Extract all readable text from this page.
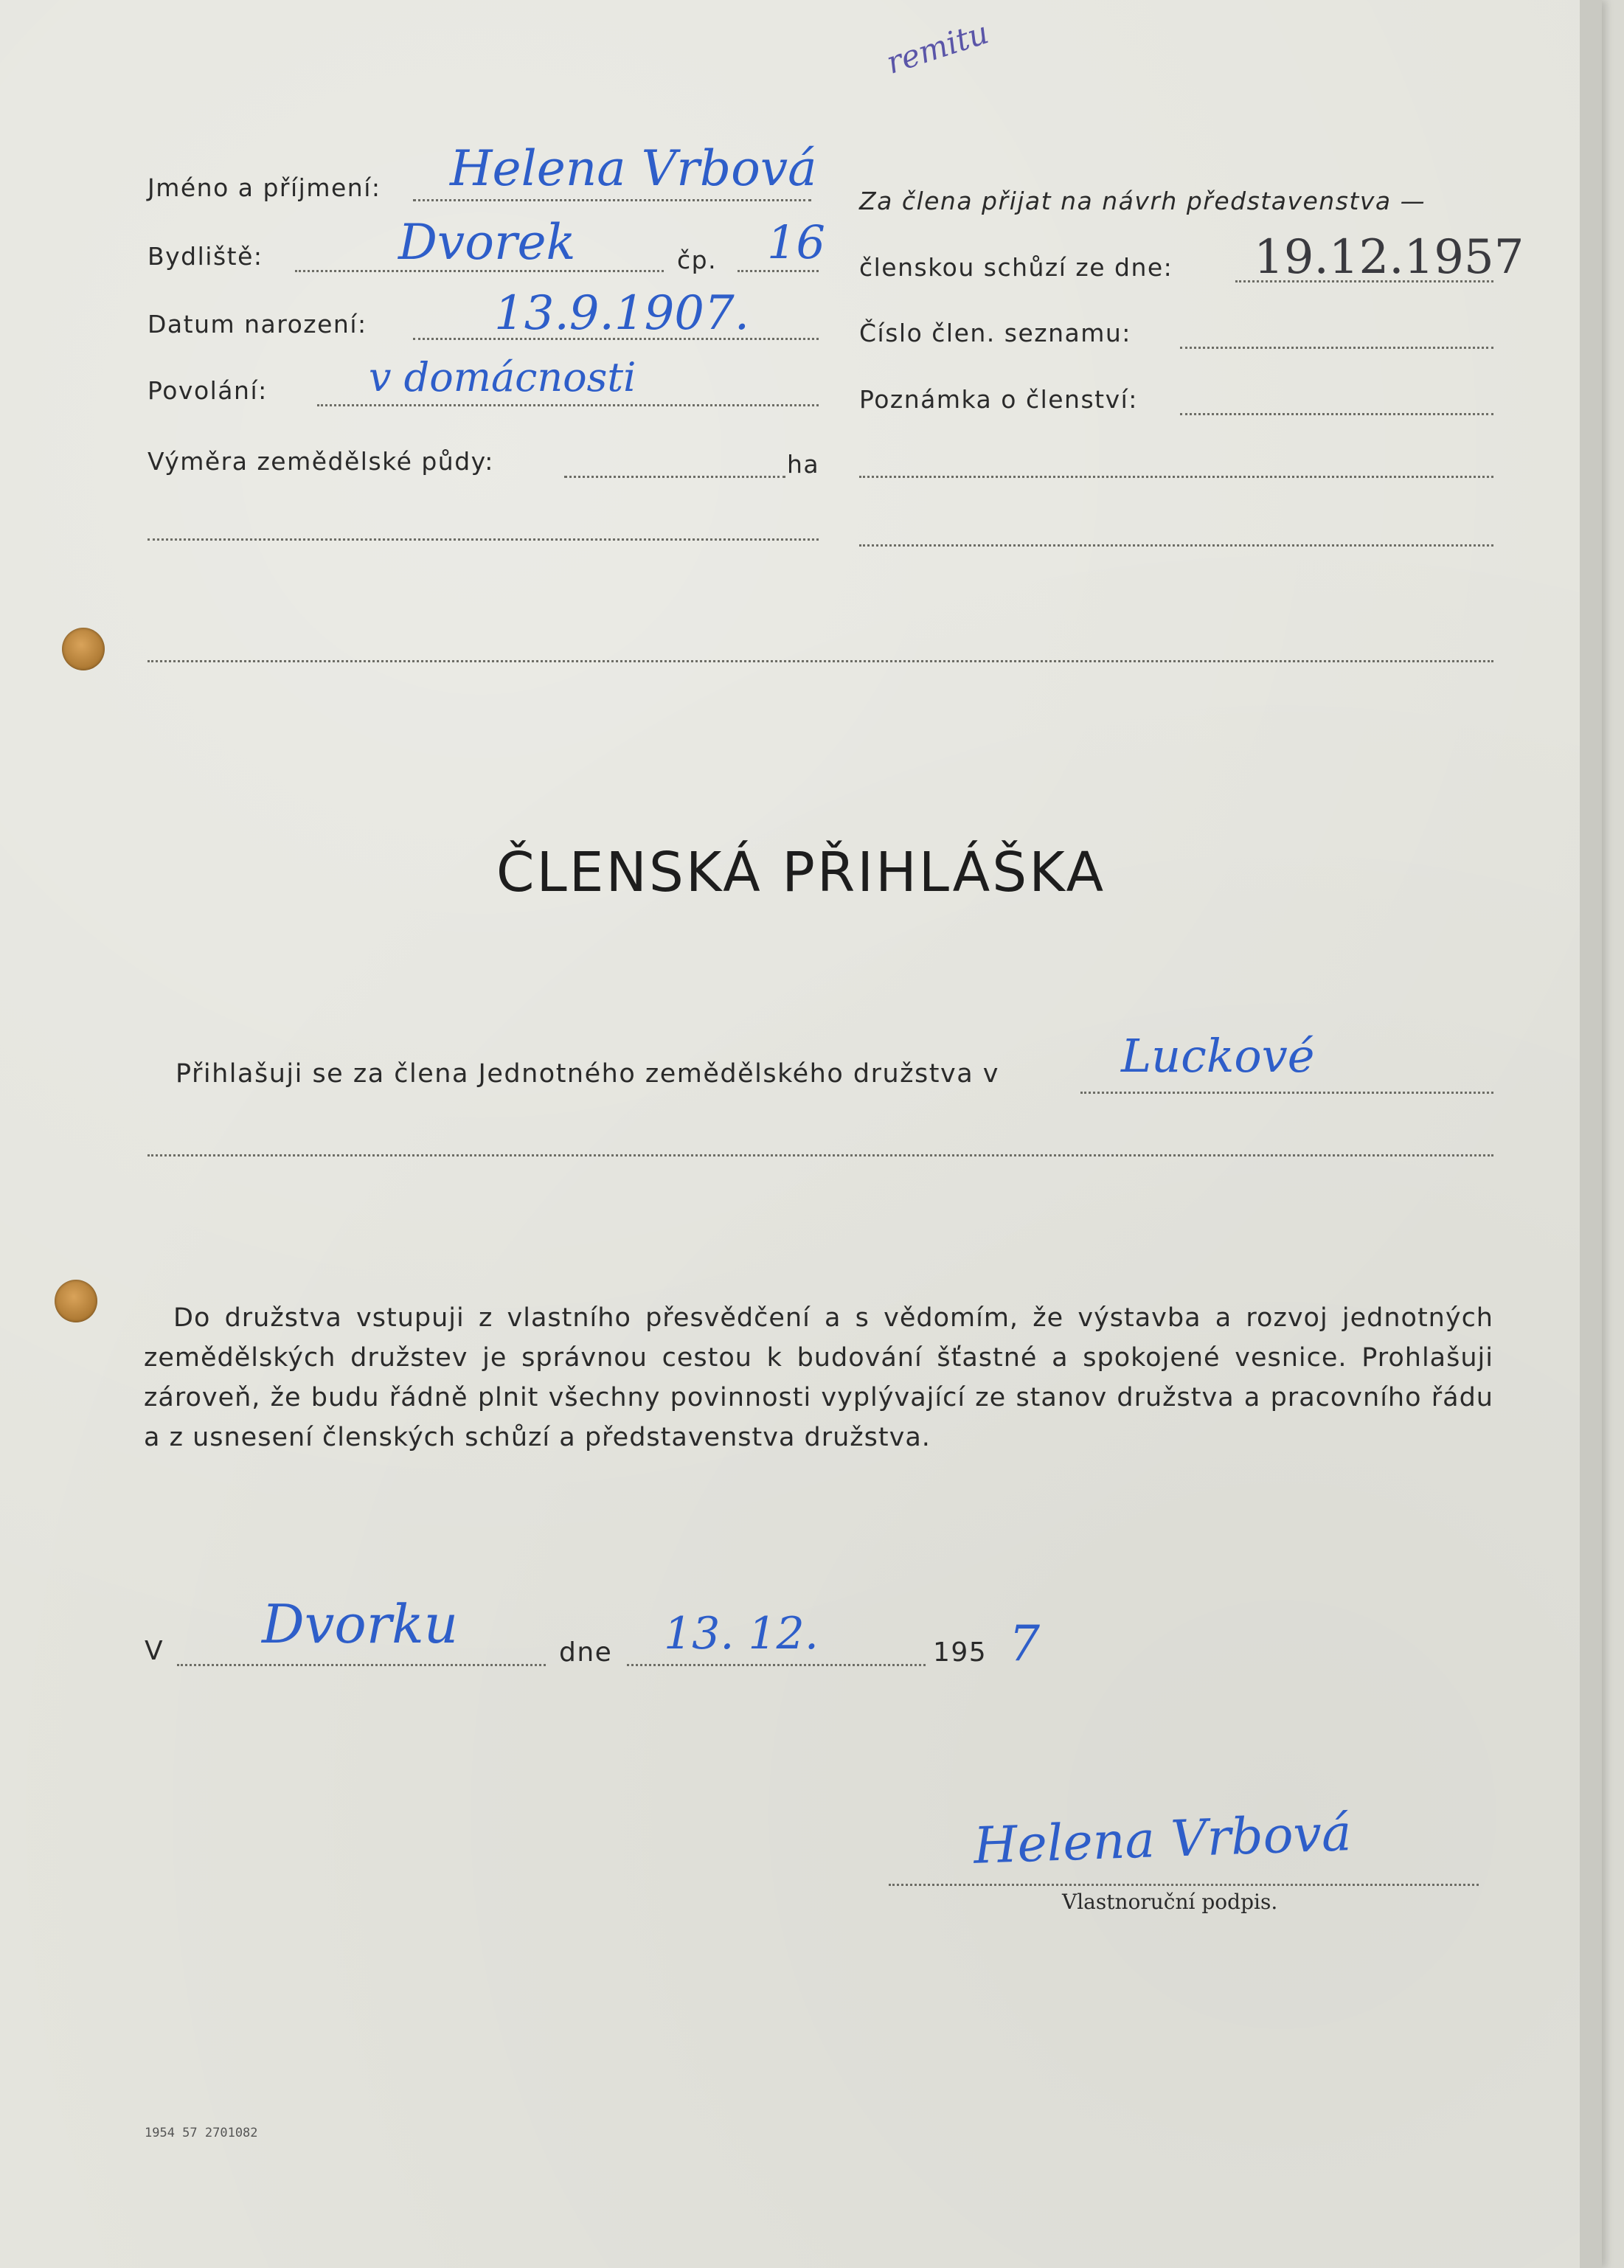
remitu
Jméno a příjmení: Helena Vrbová
Bydliště:	Dvorek	čp. 16
Datum narození:	13.9.1907.
Povolání:	v domácnosti
Výměra zemědělské půdy:	ha
Za člena přijat na návrh představenstva —
členskou schůzí ze dne: 19.12.1957
Číslo člen. seznamu:
Poznámka o členství:
ČLENSKÁ PŘIHLÁŠKA
Přihlašuji se za člena Jednotného zemědělského družstva v	Luckové

Do družstva vstupuji z vlastního přesvědčení a s vědomím, že výstavba a rozvoj jednotných zemědělských družstev je správnou cestou k budování šťastné a spokojené vesnice. Prohlašuji zároveň, že budu řádně plnit všechny povinnosti vyplývající ze stanov družstva a pracovního řádu a z usnesení členských schůzí a představenstva družstva.

V Dvorku	dne 13. 12.	195 7
Helena Vrbová
Vlastnoruční podpis.
1954 57 2701082
